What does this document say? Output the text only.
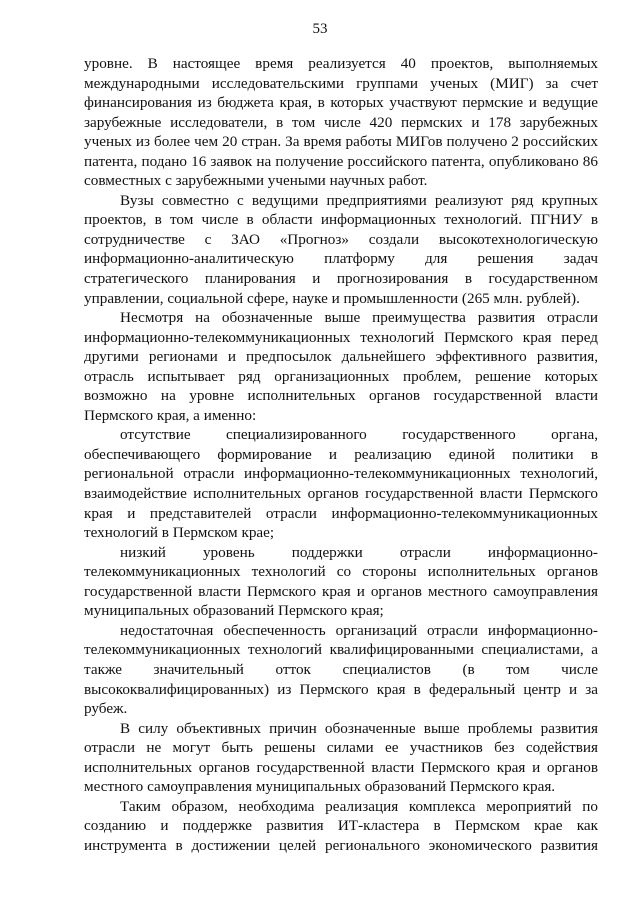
53

уровне. В настоящее время реализуется 40 проектов, выполняемых международными исследовательскими группами ученых (МИГ) за счет финансирования из бюджета края, в которых участвуют пермские и ведущие зарубежные исследователи, в том числе 420 пермских и 178 зарубежных ученых из более чем 20 стран. За время работы МИГов получено 2 российских патента, подано 16 заявок на получение российского патента, опубликовано 86 совместных с зарубежными учеными научных работ.

Вузы совместно с ведущими предприятиями реализуют ряд крупных проектов, в том числе в области информационных технологий. ПГНИУ в сотрудничестве с ЗАО «Прогноз» создали высокотехнологическую информационно-аналитическую платформу для решения задач стратегического планирования и прогнозирования в государственном управлении, социальной сфере, науке и промышленности (265 млн. рублей).

Несмотря на обозначенные выше преимущества развития отрасли информационно-телекоммуникационных технологий Пермского края перед другими регионами и предпосылок дальнейшего эффективного развития, отрасль испытывает ряд организационных проблем, решение которых возможно на уровне исполнительных органов государственной власти Пермского края, а именно:

отсутствие специализированного государственного органа, обеспечивающего формирование и реализацию единой политики в региональной отрасли информационно-телекоммуникационных технологий, взаимодействие исполнительных органов государственной власти Пермского края и представителей отрасли информационно-телекоммуникационных технологий в Пермском крае;

низкий уровень поддержки отрасли информационно-телекоммуникационных технологий со стороны исполнительных органов государственной власти Пермского края и органов местного самоуправления муниципальных образований Пермского края;

недостаточная обеспеченность организаций отрасли информационно-телекоммуникационных технологий квалифицированными специалистами, а также значительный отток специалистов (в том числе высококвалифицированных) из Пермского края в федеральный центр и за рубеж.

В силу объективных причин обозначенные выше проблемы развития отрасли не могут быть решены силами ее участников без содействия исполнительных органов государственной власти Пермского края и органов местного самоуправления муниципальных образований Пермского края.

Таким образом, необходима реализация комплекса мероприятий по созданию и поддержке развития ИТ-кластера в Пермском крае как инструмента в достижении целей регионального экономического развития
